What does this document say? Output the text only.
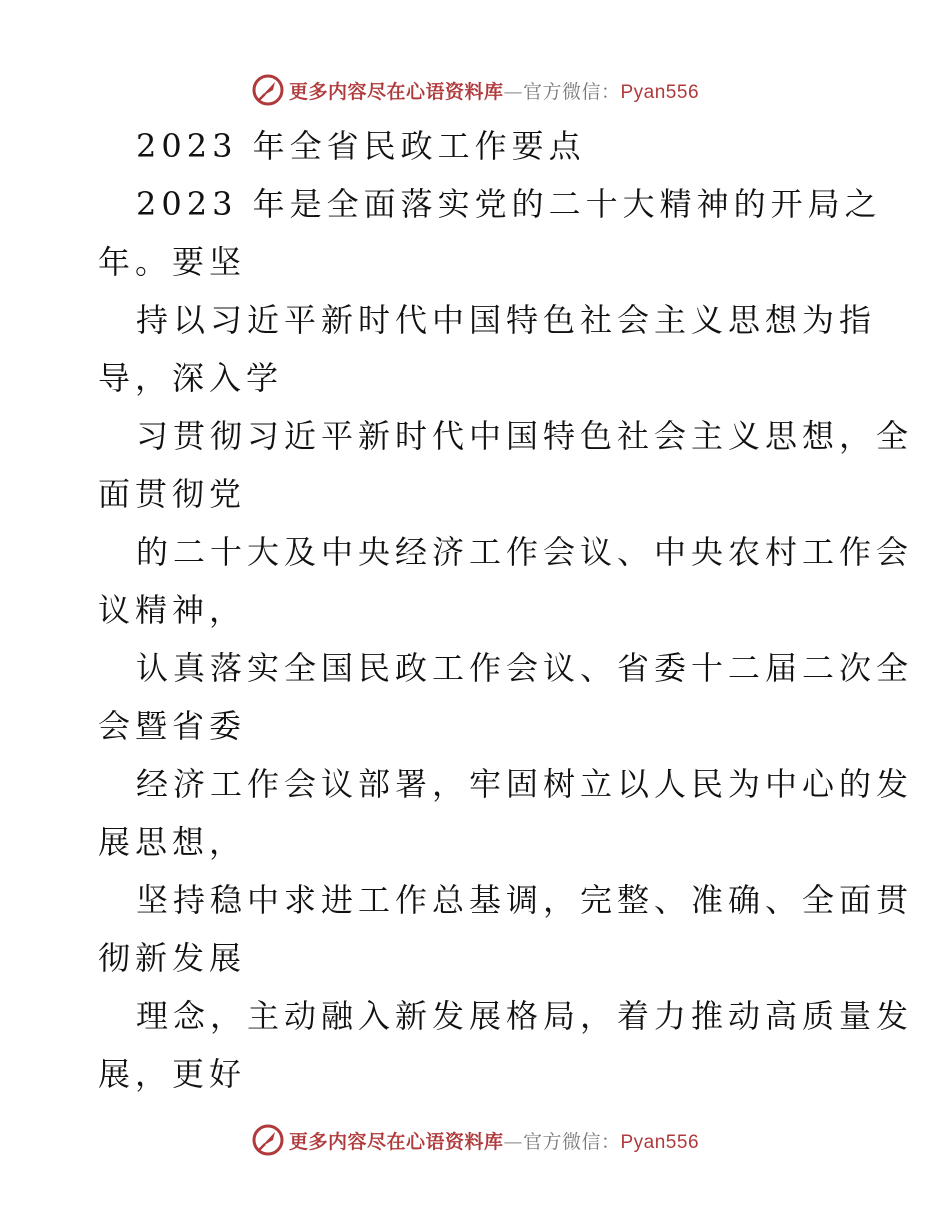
更多内容尽在心语资料库—官方微信：Pyan556
2023 年全省民政工作要点
2023 年是全面落实党的二十大精神的开局之
年。要坚
持以习近平新时代中国特色社会主义思想为指
导，深入学
习贯彻习近平新时代中国特色社会主义思想，全
面贯彻党
的二十大及中央经济工作会议、中央农村工作会
议精神，
认真落实全国民政工作会议、省委十二届二次全
会暨省委
经济工作会议部署，牢固树立以人民为中心的发
展思想，
坚持稳中求进工作总基调，完整、准确、全面贯
彻新发展
理念，主动融入新发展格局，着力推动高质量发
展，更好
更多内容尽在心语资料库—官方微信：Pyan556
